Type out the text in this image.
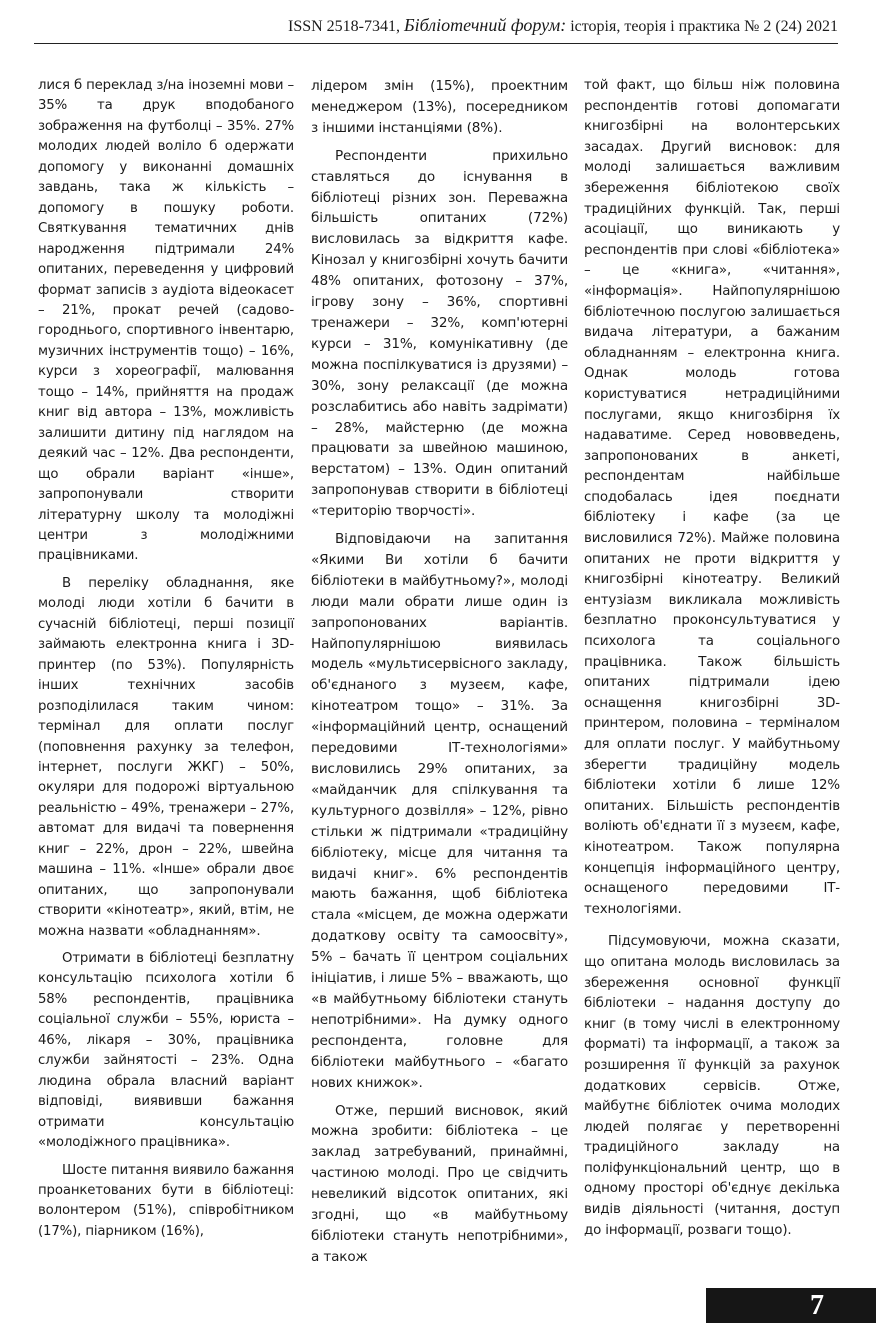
ISSN 2518-7341, Бібліотечний форум: історія, теорія і практика № 2 (24) 2021

лися б переклад з/на іноземні мови – 35% та друк вподобаного зображення на футболці – 35%. 27% молодих людей воліло б одержати допомогу у виконанні домашніх завдань, така ж кількість – допомогу в пошуку роботи. Святкування тематичних днів народження підтримали 24% опитаних, переведення у цифровий формат записів з аудіота відеокасет – 21%, прокат речей (садово-городнього, спортивного інвентарю, музичних інструментів тощо) – 16%, курси з хореографії, малювання тощо – 14%, прийняття на продаж книг від автора – 13%, можливість залишити дитину під наглядом на деякий час – 12%. Два респонденти, що обрали варіант «інше», запропонували створити літературну школу та молодіжні центри з молодіжними працівниками.

В переліку обладнання, яке молоді люди хотіли б бачити в сучасній бібліотеці, перші позиції займають електронна книга і 3D-принтер (по 53%). Популярність інших технічних засобів розподілилася таким чином: термінал для оплати послуг (поповнення рахунку за телефон, інтернет, послуги ЖКГ) – 50%, окуляри для подорожі віртуальною реальністю – 49%, тренажери – 27%, автомат для видачі та повернення книг – 22%, дрон – 22%, швейна машина – 11%. «Інше» обрали двоє опитаних, що запропонували створити «кінотеатр», який, втім, не можна назвати «обладнанням».

Отримати в бібліотеці безплатну консультацію психолога хотіли б 58% респондентів, працівника соціальної служби – 55%, юриста – 46%, лікаря – 30%, працівника служби зайнятості – 23%. Одна людина обрала власний варіант відповіді, виявивши бажання отримати консультацію «молодіжного працівника».

Шосте питання виявило бажання проанкетованих бути в бібліотеці: волонтером (51%), співробітником (17%), піарником (16%),

лідером змін (15%), проектним менеджером (13%), посередником з іншими інстанціями (8%).

Респонденти прихильно ставляться до існування в бібліотеці різних зон. Переважна більшість опитаних (72%) висловилась за відкриття кафе. Кінозал у книгозбірні хочуть бачити 48% опитаних, фотозону – 37%, ігрову зону – 36%, спортивні тренажери – 32%, комп'ютерні курси – 31%, комунікативну (де можна поспілкуватися із друзями) – 30%, зону релаксації (де можна розслабитись або навіть задрімати) – 28%, майстерню (де можна працювати за швейною машиною, верстатом) – 13%. Один опитаний запропонував створити в бібліотеці «територію творчості».

Відповідаючи на запитання «Якими Ви хотіли б бачити бібліотеки в майбутньому?», молоді люди мали обрати лише один із запропонованих варіантів. Найпопулярнішою виявилась модель «мультисервісного закладу, об'єднаного з музеєм, кафе, кінотеатром тощо» – 31%. За «інформаційний центр, оснащений передовими ІТ-технологіями» висловились 29% опитаних, за «майданчик для спілкування та культурного дозвілля» – 12%, рівно стільки ж підтримали «традиційну бібліотеку, місце для читання та видачі книг». 6% респондентів мають бажання, щоб бібліотека стала «місцем, де можна одержати додаткову освіту та самоосвіту», 5% – бачать її центром соціальних ініціатив, і лише 5% – вважають, що «в майбутньому бібліотеки стануть непотрібними». На думку одного респондента, головне для бібліотеки майбутнього – «багато нових книжок».

Отже, перший висновок, який можна зробити: бібліотека – це заклад затребуваний, принаймні, частиною молоді. Про це свідчить невеликий відсоток опитаних, які згодні, що «в майбутньому бібліотеки стануть непотрібними», а також

той факт, що більш ніж половина респондентів готові допомагати книгозбірні на волонтерських засадах. Другий висновок: для молоді залишається важливим збереження бібліотекою своїх традиційних функцій. Так, перші асоціації, що виникають у респондентів при слові «бібліотека» – це «книга», «читання», «інформація». Найпопулярнішою бібліотечною послугою залишається видача літератури, а бажаним обладнанням – електронна книга. Однак молодь готова користуватися нетрадиційними послугами, якщо книгозбірня їх надаватиме. Серед нововведень, запропонованих в анкеті, респондентам найбільше сподобалась ідея поєднати бібліотеку і кафе (за це висловилися 72%). Майже половина опитаних не проти відкриття у книгозбірні кінотеатру. Великий ентузіазм викликала можливість безплатно проконсультуватися у психолога та соціального працівника. Також більшість опитаних підтримали ідею оснащення книгозбірні 3D-принтером, половина – терміналом для оплати послуг. У майбутньому зберегти традиційну модель бібліотеки хотіли б лише 12% опитаних. Більшість респондентів воліють об'єднати її з музеєм, кафе, кінотеатром. Також популярна концепція інформаційного центру, оснащеного передовими ІТ-технологіями.

Підсумовуючи, можна сказати, що опитана молодь висловилась за збереження основної функції бібліотеки – надання доступу до книг (в тому числі в електронному форматі) та інформації, а також за розширення її функцій за рахунок додаткових сервісів. Отже, майбутнє бібліотек очима молодих людей полягає у перетворенні традиційного закладу на поліфункціональний центр, що в одному просторі об'єднує декілька видів діяльності (читання, доступ до інформації, розваги тощо).

7
